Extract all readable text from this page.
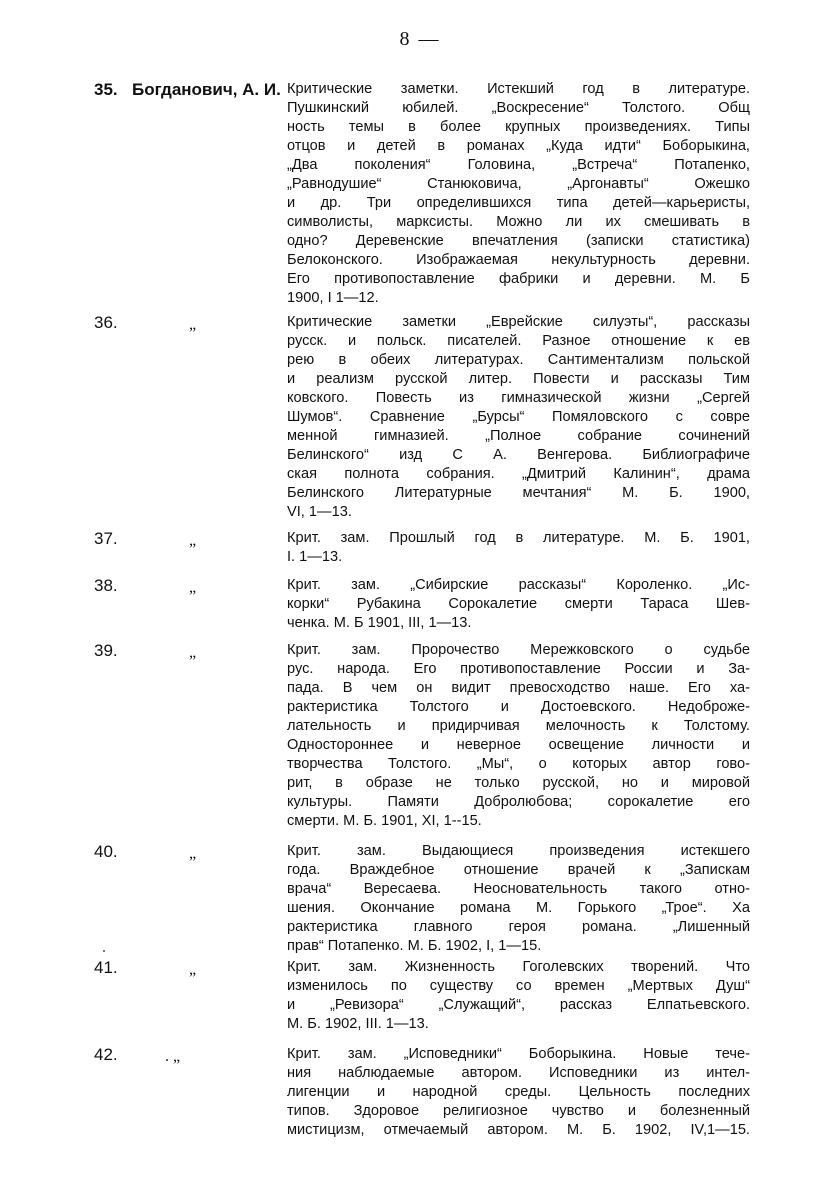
8 —
35. Богданович, А. И. Критические заметки. Истекший год в литературе.
Пушкинский юбилей. „Воскресение“ Толстого. Общ
ность темы в более крупных произведениях. Типы
отцов и детей в романах „Куда идти“ Боборыкина,
„Два поколения“ Головина, „Встреча“ Потапенко,
„Равнодушие“ Станюковича, „Аргонавты“ Ожешко
и др. Три определившихся типа детей—карьеристы,
символисты, марксисты. Можно ли их смешивать в
одно? Деревенские впечатления (записки статистика)
Белоконского. Изображаемая некультурность деревни.
Его противопоставление фабрики и деревни. М. Б
1900, I 1—12.
36.	„	Критические заметки „Еврейские силуэты“, рассказы
русск. и польск. писателей. Разное отношение к ев
рею в обеих литературах. Сантиментализм польской
и реализм русской литер. Повести и рассказы Тим
ковского. Повесть из гимназической жизни „Сергей
Шумов“. Сравнение „Бурсы“ Помяловского с совре
менной гимназией. „Полное собрание сочинений
Белинского“ изд С А. Венгерова. Библиографиче
ская полнота собрания. „Дмитрий Калинин“, драма
Белинского Литературные мечтания“ М. Б. 1900,
VI, 1—13.
37.	„	Крит. зам. Прошлый год в литературе. М. Б. 1901,
I. 1—13.
38.	„	Крит. зам. „Сибирские рассказы“ Короленко. „Ис-
корки“ Рубакина Сорокалетие смерти Тараса Шев-
ченка. М. Б 1901, III, 1—13.
39.	„	Крит. зам. Пророчество Мережковского о судьбе
рус. народа. Его противопоставление России и За-
пада. В чем он видит превосходство наше. Его ха-
рактеристика Толстого и Достоевского. Недоброже-
лательность и придирчивая мелочность к Толстому.
Одностороннее и неверное освещение личности и
творчества Толстого. „Мы“, о которых автор гово-
рит, в образе не только русской, но и мировой
культуры. Памяти Добролюбова; сорокалетие его
смерти. М. Б. 1901, XI, 1--15.
40.	„	Крит. зам. Выдающиеся произведения истекшего
года. Враждебное отношение врачей к „Запискам
врача“ Вересаева. Неосновательность такого отно-
шения. Окончание романа М. Горького „Трое“. Ха
рактеристика главного героя романа. „Лишенный
прав“ Потапенко. М. Б. 1902, I, 1—15.
41.	„	Крит. зам. Жизненность Гоголевских творений. Что
изменилось по существу со времен „Мертвых Душ“
и „Ревизора“ „Служащий“, рассказ Елпатьевского.
М. Б. 1902, III. 1—13.
42.	. „	Крит. зам. „Исповедники“ Боборыкина. Новые тече-
ния наблюдаемые автором. Исповедники из интел-
лигенции и народной среды. Цельность последних
типов. Здоровое религиозное чувство и болезненный
мистицизм, отмечаемый автором. М. Б. 1902, IV,1—15.
